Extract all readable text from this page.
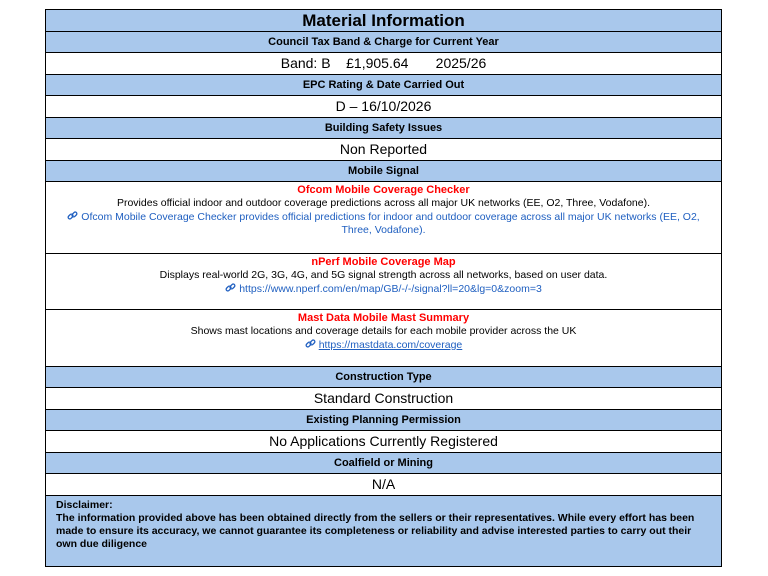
Material Information
Council Tax Band & Charge for Current Year
Band: B £1,905.64 2025/26
EPC Rating & Date Carried Out
D – 16/10/2026
Building Safety Issues
Non Reported
Mobile Signal
Ofcom Mobile Coverage Checker
Provides official indoor and outdoor coverage predictions across all major UK networks (EE, O2, Three, Vodafone).
Ofcom Mobile Coverage Checker provides official predictions for indoor and outdoor coverage across all major UK networks (EE, O2, Three, Vodafone).
nPerf Mobile Coverage Map
Displays real-world 2G, 3G, 4G, and 5G signal strength across all networks, based on user data.
https://www.nperf.com/en/map/GB/-/-/signal?ll=20&lg=0&zoom=3
Mast Data Mobile Mast Summary
Shows mast locations and coverage details for each mobile provider across the UK
https://mastdata.com/coverage
Construction Type
Standard Construction
Existing Planning Permission
No Applications Currently Registered
Coalfield or Mining
N/A
Disclaimer:
The information provided above has been obtained directly from the sellers or their representatives. While every effort has been made to ensure its accuracy, we cannot guarantee its completeness or reliability and advise interested parties to carry out their own due diligence
